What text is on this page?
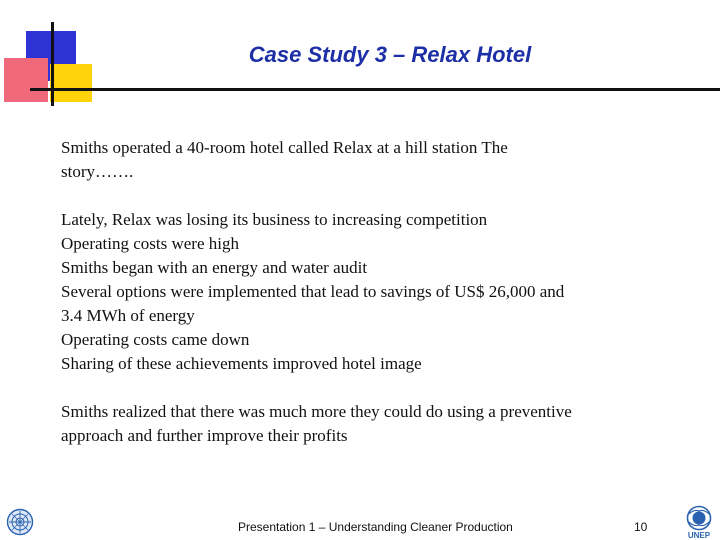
Case Study 3 – Relax Hotel

Smiths operated a 40-room hotel called Relax at a hill station The
story…….

Lately, Relax was losing its business to increasing competition
Operating costs were high
Smiths began with an energy and water audit
Several options were implemented that lead to savings of US$ 26,000 and
3.4 MWh of energy
Operating costs came down
Sharing of these achievements improved hotel image

Smiths realized that there was much more they could do using a preventive
approach and further improve their profits

Presentation 1 – Understanding Cleaner Production	10
UNEP
